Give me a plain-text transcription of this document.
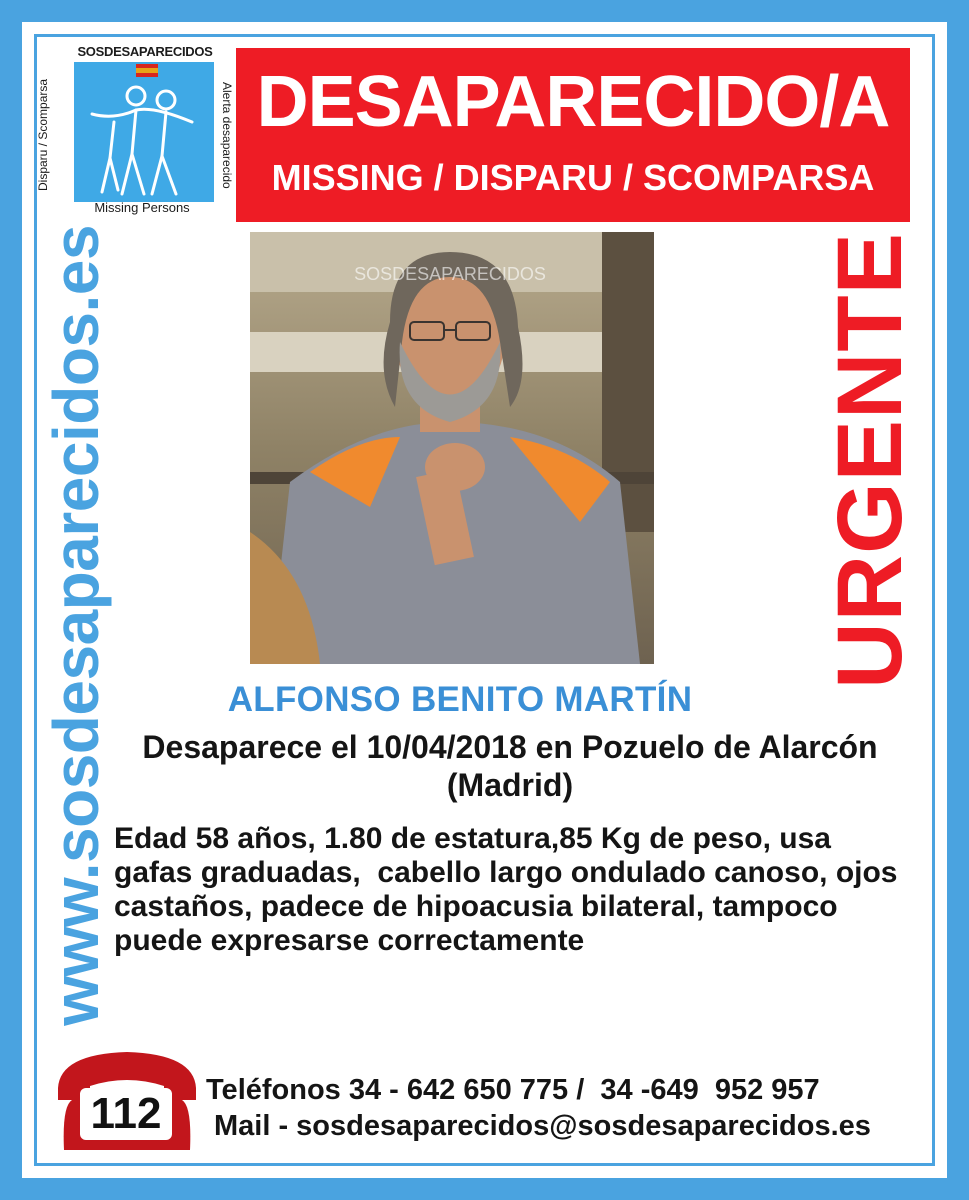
SOSDESAPARECIDOS
Disparu / Scomparsa	Alerta desaparecido
Missing Persons
DESAPARECIDO/A
MISSING / DISPARU / SCOMPARSA
www.sosdesaparecidos.es	URGENTE
SOSDESAPARECIDOS
ALFONSO BENITO MARTÍN
Desaparece el 10/04/2018 en Pozuelo de Alarcón
(Madrid)
Edad 58 años, 1.80 de estatura,85 Kg de peso, usa
gafas graduadas,  cabello largo ondulado canoso, ojos
castaños, padece de hipoacusia bilateral, tampoco
puede expresarse correctamente
112	Teléfonos 34 - 642 650 775 /  34 -649  952 957
Mail - sosdesaparecidos@sosdesaparecidos.es
